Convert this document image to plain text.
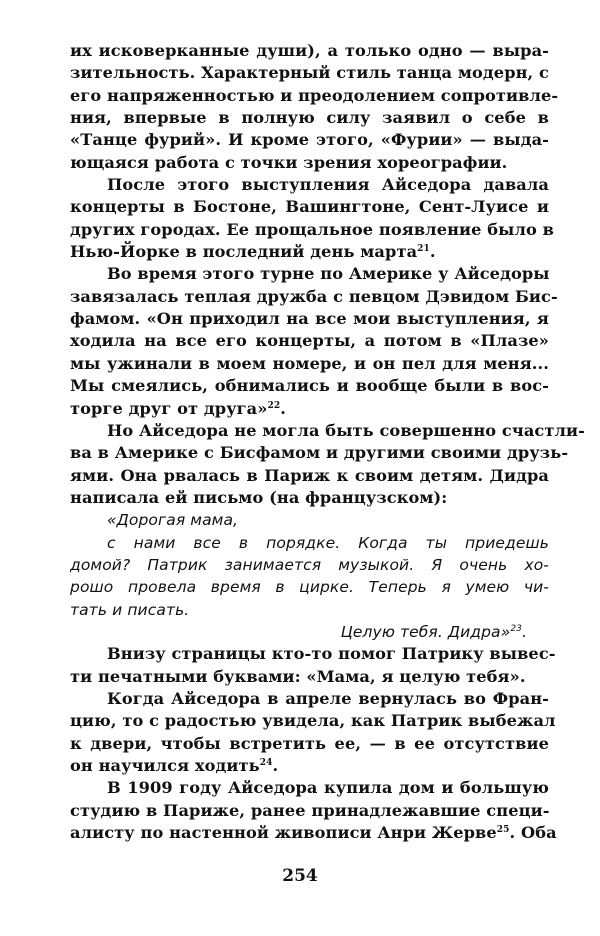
их исковерканные души), а только одно — выра-
зительность. Характерный стиль танца модерн, с
его напряженностью и преодолением сопротивле-
ния, впервые в полную силу заявил о себе в
«Танце фурий». И кроме этого, «Фурии» — выда-
ющаяся работа с точки зрения хореографии.
После этого выступления Айседора давала
концерты в Бостоне, Вашингтоне, Сент-Луисе и
других городах. Ее прощальное появление было в
Нью-Йорке в последний день марта$^{21}$.
Во время этого турне по Америке у Айседоры
завязалась теплая дружба с певцом Дэвидом Бис-
фамом. «Он приходил на все мои выступления, я
ходила на все его концерты, а потом в «Плазе»
мы ужинали в моем номере, и он пел для меня...
Мы смеялись, обнимались и вообще были в вос-
торге друг от друга»$^{22}$.
Но Айседора не могла быть совершенно счастли-
ва в Америке с Бисфамом и другими своими друзь-
ями. Она рвалась в Париж к своим детям. Дидра
написала ей письмо (на французском):
«Дорогая мама,
с нами все в порядке. Когда ты приедешь
домой? Патрик занимается музыкой. Я очень хо-
рошо провела время в цирке. Теперь я умею чи-
тать и писать.
Целую тебя. Дидра»$^{23}$.
Внизу страницы кто-то помог Патрику вывес-
ти печатными буквами: «Мама, я целую тебя».
Когда Айседора в апреле вернулась во Фран-
цию, то с радостью увидела, как Патрик выбежал
к двери, чтобы встретить ее, — в ее отсутствие
он научился ходить$^{24}$.
В 1909 году Айседора купила дом и большую
студию в Париже, ранее принадлежавшие специ-
алисту по настенной живописи Анри Жерве$^{25}$. Оба
254
